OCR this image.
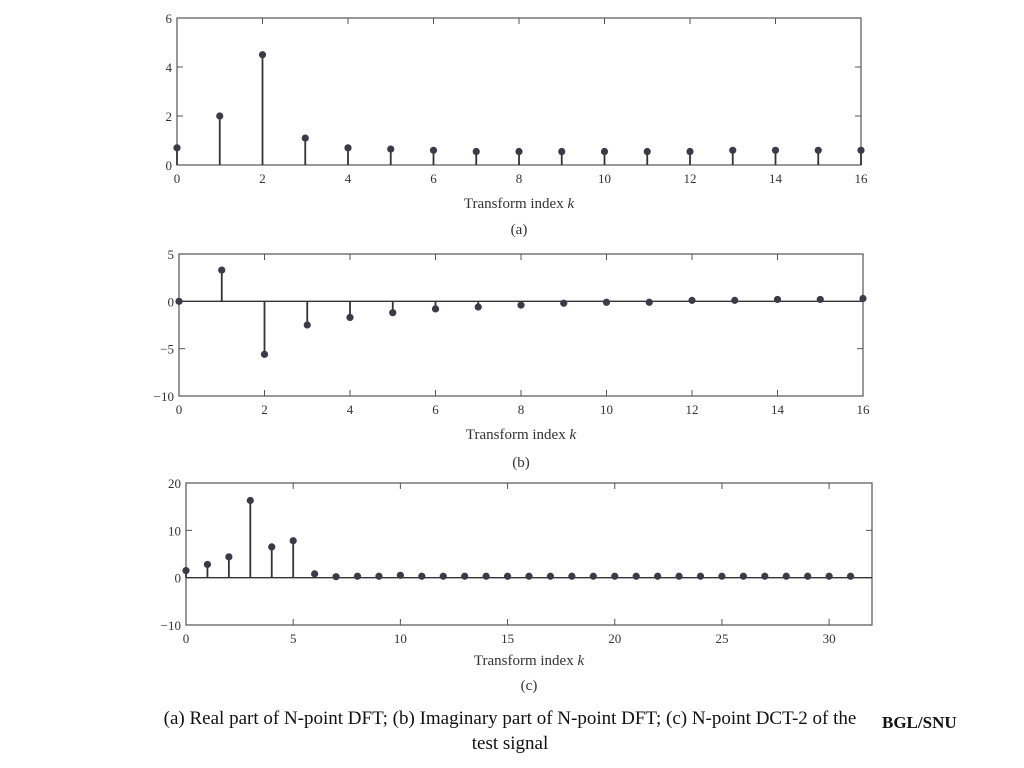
0	2	4	6	8	10	12	14	16
0
2
4
6
Transform index k
(a)
0	2	4	6	8	10	12	14	16
−10
−5
0
5
Transform index k
(b)
0	5	10	15	20	25	30
−10
0
10
20
Transform index k
(c)
(a) Real part of N-point DFT; (b) Imaginary part of N-point DFT; (c) N-point DCT-2 of the test signal
BGL/SNU
